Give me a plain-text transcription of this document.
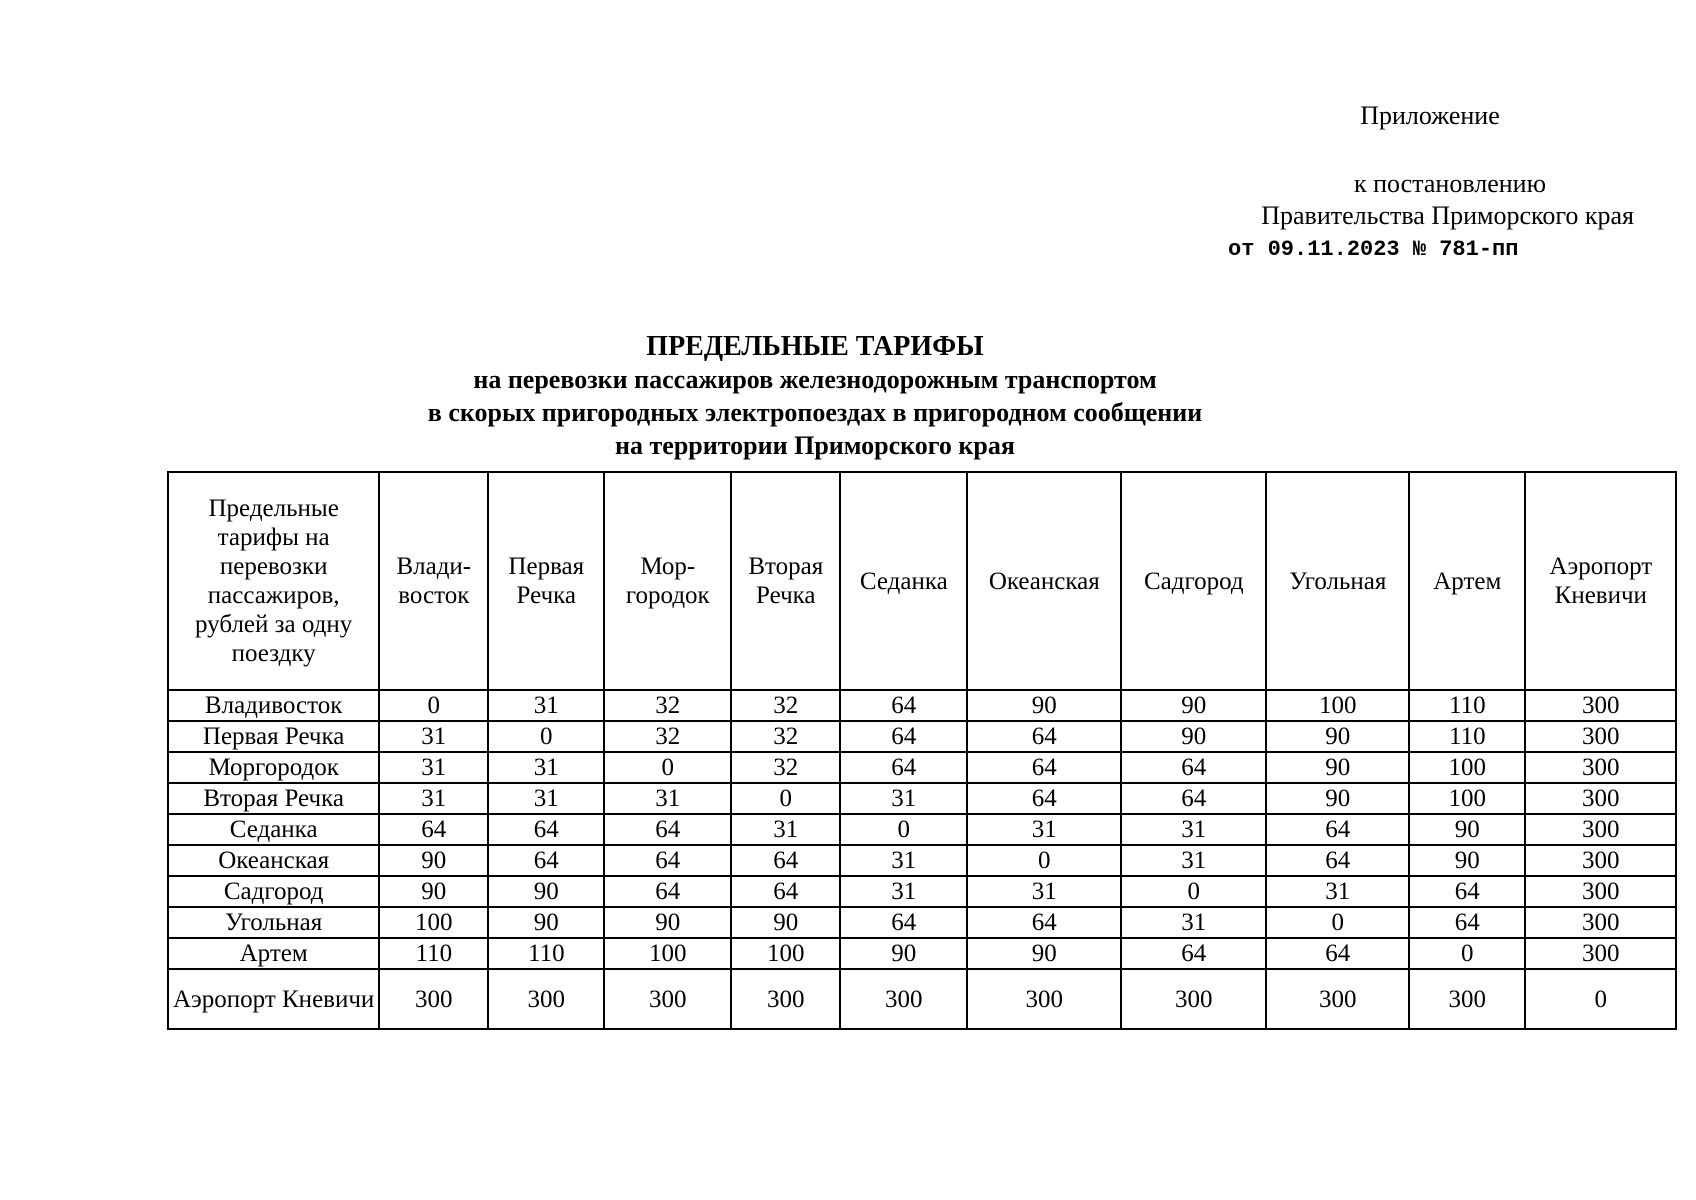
Приложение
к постановлению
Правительства Приморского края
от 09.11.2023 № 781-пп
ПРЕДЕЛЬНЫЕ ТАРИФЫ
на перевозки пассажиров железнодорожным транспортом
в скорых пригородных электропоездах в пригородном сообщении
на территории Приморского края
Предельные тарифы на перевозки пассажиров, рублей за одну поездку	Влади-восток	Первая Речка	Мор-городок	Вторая Речка	Седанка	Океанская	Садгород	Угольная	Артем	Аэропорт Кневичи
Владивосток	0	31	32	32	64	90	90	100	110	300
Первая Речка	31	0	32	32	64	64	90	90	110	300
Моргородок	31	31	0	32	64	64	64	90	100	300
Вторая Речка	31	31	31	0	31	64	64	90	100	300
Седанка	64	64	64	31	0	31	31	64	90	300
Океанская	90	64	64	64	31	0	31	64	90	300
Садгород	90	90	64	64	31	31	0	31	64	300
Угольная	100	90	90	90	64	64	31	0	64	300
Артем	110	110	100	100	90	90	64	64	0	300
Аэропорт Кневичи	300	300	300	300	300	300	300	300	300	0
